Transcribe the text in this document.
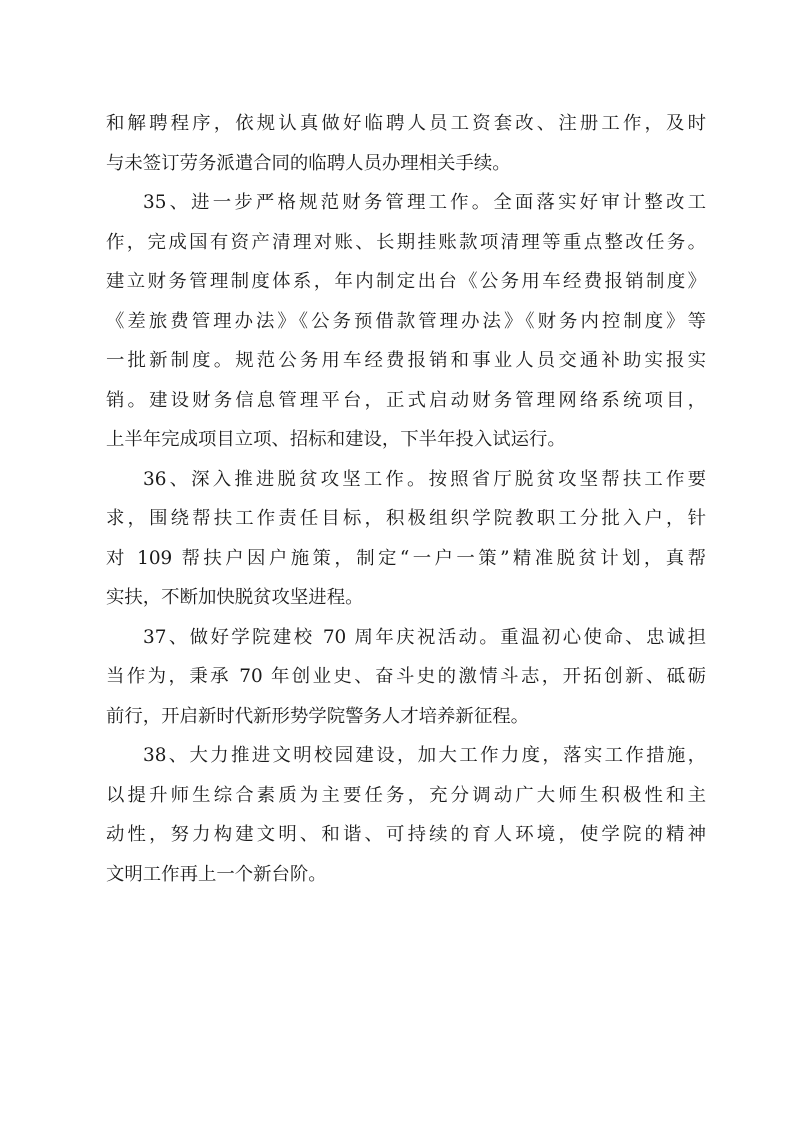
和解聘程序，依规认真做好临聘人员工资套改、注册工作，及时
与未签订劳务派遣合同的临聘人员办理相关手续。
35、进一步严格规范财务管理工作。全面落实好审计整改工
作，完成国有资产清理对账、长期挂账款项清理等重点整改任务。
建立财务管理制度体系，年内制定出台《公务用车经费报销制度》
《差旅费管理办法》《公务预借款管理办法》《财务内控制度》等
一批新制度。规范公务用车经费报销和事业人员交通补助实报实
销。建设财务信息管理平台，正式启动财务管理网络系统项目，
上半年完成项目立项、招标和建设，下半年投入试运行。
36、深入推进脱贫攻坚工作。按照省厅脱贫攻坚帮扶工作要
求，围绕帮扶工作责任目标，积极组织学院教职工分批入户，针
对 109 帮扶户因户施策，制定“一户一策”精准脱贫计划，真帮
实扶，不断加快脱贫攻坚进程。
37、做好学院建校 70 周年庆祝活动。重温初心使命、忠诚担
当作为，秉承 70 年创业史、奋斗史的激情斗志，开拓创新、砥砺
前行，开启新时代新形势学院警务人才培养新征程。
38、大力推进文明校园建设，加大工作力度，落实工作措施，
以提升师生综合素质为主要任务，充分调动广大师生积极性和主
动性，努力构建文明、和谐、可持续的育人环境，使学院的精神
文明工作再上一个新台阶。
